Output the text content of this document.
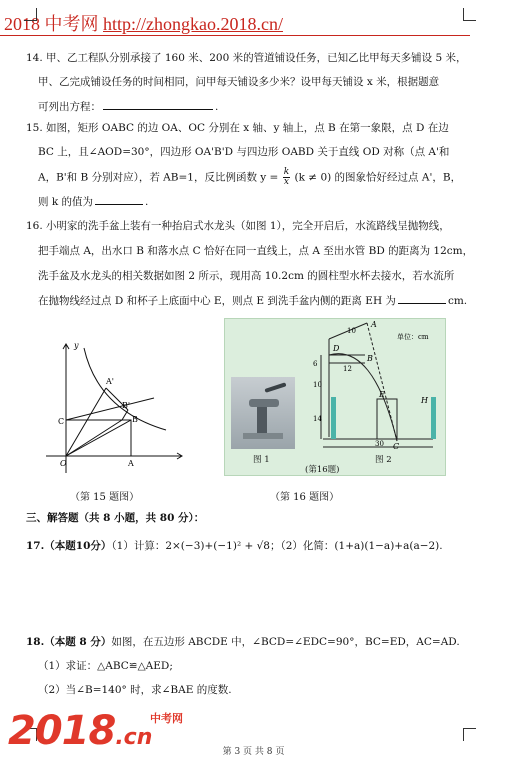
2018 中考网 http://zhongkao.2018.cn/
14. 甲、乙工程队分别承接了 160 米、200 米的管道铺设任务，已知乙比甲每天多铺设 5 米，
甲、乙完成铺设任务的时间相同，问甲每天铺设多少米？设甲每天铺设 x 米，根据题意
可列出方程：	.
15. 如图，矩形 OABC 的边 OA、OC 分别在 x 轴、y 轴上，点 B 在第一象限，点 D 在边
BC 上，且∠AOD=30°，四边形 OA'B'D 与四边形 OABD 关于直线 OD 对称（点 A'和
A，B'和 B 分别对应），若 AB=1，反比例函数 $y = \frac{k}{x} (k \ne 0)$ 的图象恰好经过点 A'，B，
则 k 的值为	.
16. 小明家的洗手盆上装有一种抬启式水龙头（如图 1），完全开启后，水流路线呈抛物线，
把手端点 A，出水口 B 和落水点 C 恰好在同一直线上，点 A 至出水管 BD 的距离为 12cm，
洗手盆及水龙头的相关数据如图 2 所示，现用高 10.2cm 的圆柱型水杯去接水，若水流所
在抛物线经过点 D 和杯子上底面中心 E，则点 E 到洗手盆内侧的距离 EH 为	cm.
y
O	A
B
C
A'
B'
（第 15 题图）
图 1
A
B
C
D
E
H
10
6
12
10
14
30
单位：cm
图 2
(第16题)
（第 16 题图）
三、解答题（共 8 小题，共 80 分）：
17.（本题10分）（1）计算：2×(−3)+(−1)² + √8；（2）化简：(1+a)(1−a)+a(a−2).
18.（本题 8 分）如图，在五边形 ABCDE 中，∠BCD=∠EDC=90°，BC=ED，AC=AD.
（1）求证：△ABC≌△AED;
（2）当∠B=140° 时，求∠BAE 的度数.
2018.cn
中考网
第 3 页 共 8 页
